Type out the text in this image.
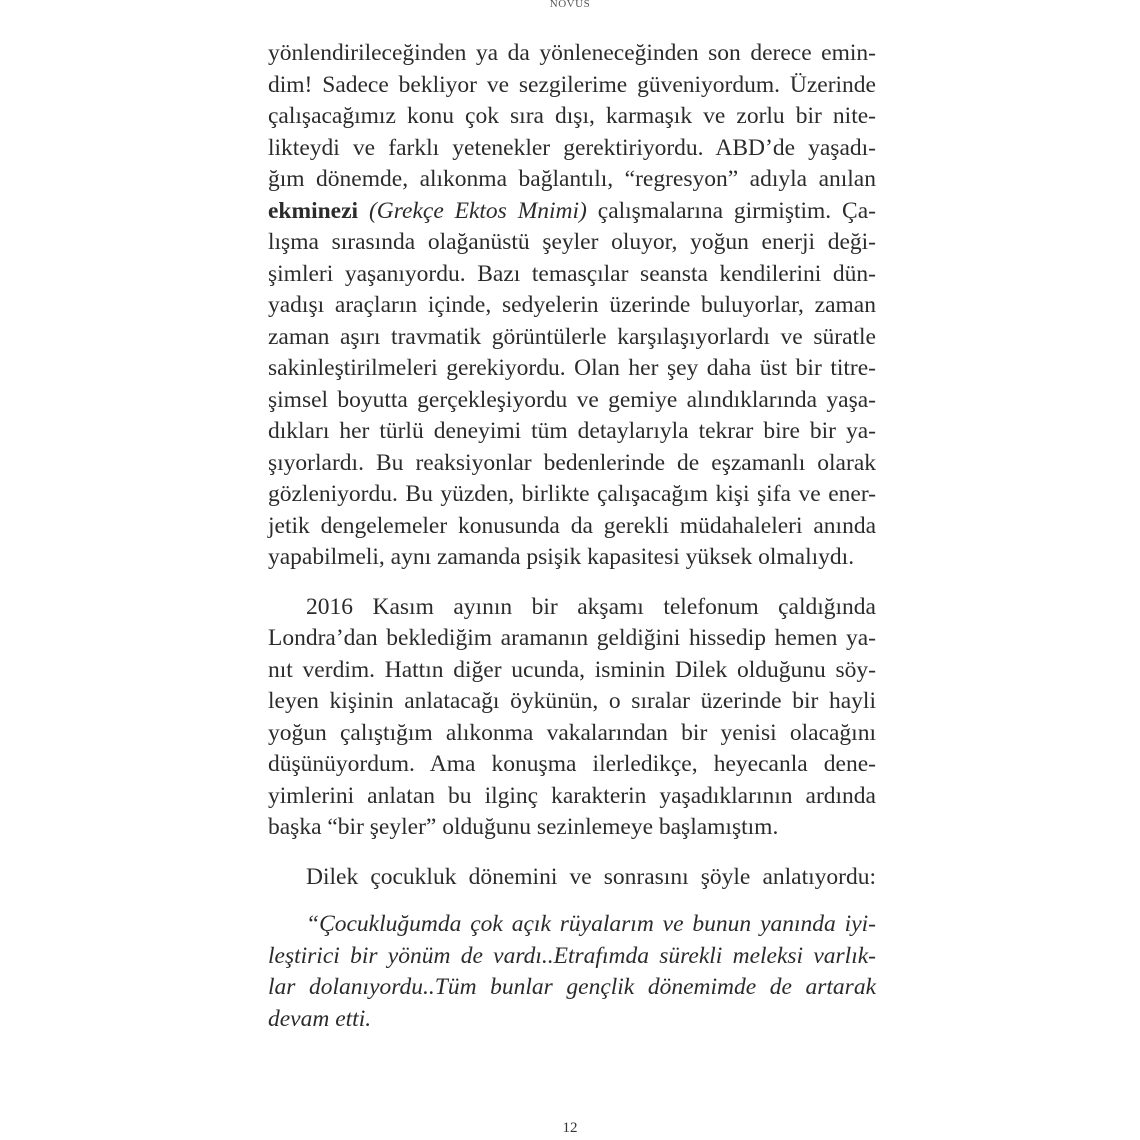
NOVUS
yönlendirileceğinden ya da yönleneceğinden son derece emin-
dim! Sadece bekliyor ve sezgilerime güveniyordum. Üzerinde
çalışacağımız konu çok sıra dışı, karmaşık ve zorlu bir nite-
likteydi ve farklı yetenekler gerektiriyordu. ABD’de yaşadı-
ğım dönemde, alıkonma bağlantılı, “regresyon” adıyla anılan
ekminezi (Grekçe Ektos Mnimi) çalışmalarına girmiştim. Ça-
lışma sırasında olağanüstü şeyler oluyor, yoğun enerji deği-
şimleri yaşanıyordu. Bazı temasçılar seansta kendilerini dün-
yadışı araçların içinde, sedyelerin üzerinde buluyorlar, zaman
zaman aşırı travmatik görüntülerle karşılaşıyorlardı ve süratle
sakinleştirilmeleri gerekiyordu. Olan her şey daha üst bir titre-
şimsel boyutta gerçekleşiyordu ve gemiye alındıklarında yaşa-
dıkları her türlü deneyimi tüm detaylarıyla tekrar bire bir ya-
şıyorlardı. Bu reaksiyonlar bedenlerinde de eşzamanlı olarak
gözleniyordu. Bu yüzden, birlikte çalışacağım kişi şifa ve ener-
jetik dengelemeler konusunda da gerekli müdahaleleri anında
yapabilmeli, aynı zamanda psişik kapasitesi yüksek olmalıydı.
2016 Kasım ayının bir akşamı telefonum çaldığında
Londra’dan beklediğim aramanın geldiğini hissedip hemen ya-
nıt verdim. Hattın diğer ucunda, isminin Dilek olduğunu söy-
leyen kişinin anlatacağı öykünün, o sıralar üzerinde bir hayli
yoğun çalıştığım alıkonma vakalarından bir yenisi olacağını
düşünüyordum. Ama konuşma ilerledikçe, heyecanla dene-
yimlerini anlatan bu ilginç karakterin yaşadıklarının ardında
başka “bir şeyler” olduğunu sezinlemeye başlamıştım.
Dilek çocukluk dönemini ve sonrasını şöyle anlatıyordu:
“Çocukluğumda çok açık rüyalarım ve bunun yanında iyi-
leştirici bir yönüm de vardı..Etrafımda sürekli meleksi varlık-
lar dolanıyordu..Tüm bunlar gençlik dönemimde de artarak
devam etti.
12
